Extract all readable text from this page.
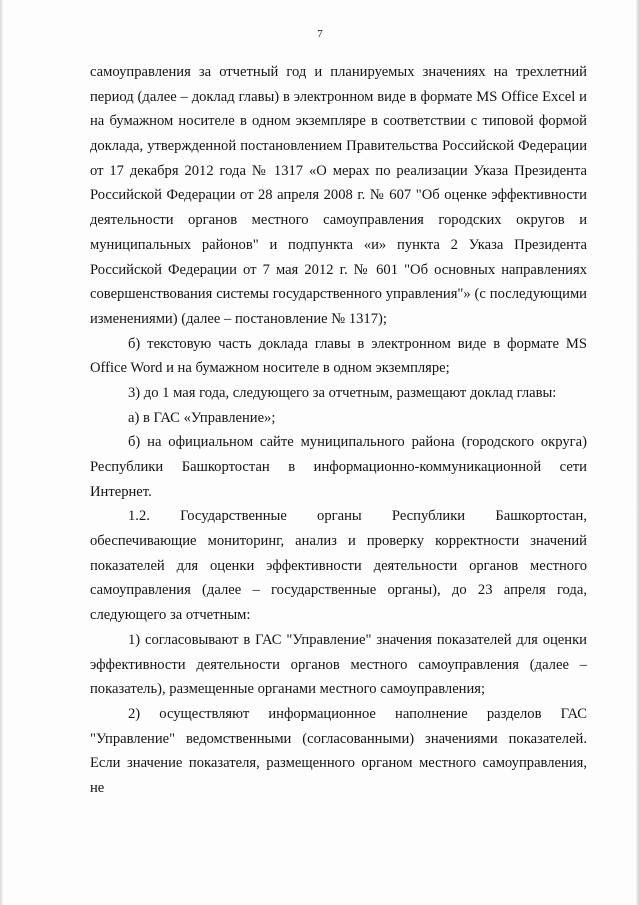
7
самоуправления за отчетный год и планируемых значениях на трехлетний
период (далее – доклад главы) в электронном виде в формате MS Office Excel и
на бумажном носителе в одном экземпляре в соответствии с типовой формой
доклада, утвержденной постановлением Правительства Российской Федерации
от 17 декабря 2012 года № 1317 «О мерах по реализации Указа Президента
Российской Федерации от 28 апреля 2008 г. № 607 "Об оценке эффективности
деятельности органов местного самоуправления городских округов и
муниципальных районов" и подпункта «и» пункта 2 Указа Президента
Российской Федерации от 7 мая 2012 г. № 601 "Об основных направлениях
совершенствования системы государственного управления"» (с последующими
изменениями) (далее – постановление № 1317);
б) текстовую часть доклада главы в электронном виде в формате MS
Office Word и на бумажном носителе в одном экземпляре;
3) до 1 мая года, следующего за отчетным, размещают доклад главы:
а) в ГАС «Управление»;
б) на официальном сайте муниципального района (городского округа)
Республики Башкортостан в информационно-коммуникационной сети
Интернет.
1.2. Государственные органы Республики Башкортостан,
обеспечивающие мониторинг, анализ и проверку корректности значений
показателей для оценки эффективности деятельности органов местного
самоуправления (далее – государственные органы), до 23 апреля года,
следующего за отчетным:
1) согласовывают в ГАС "Управление" значения показателей для оценки
эффективности деятельности органов местного самоуправления (далее –
показатель), размещенные органами местного самоуправления;
2) осуществляют информационное наполнение разделов ГАС
"Управление" ведомственными (согласованными) значениями показателей.
Если значение показателя, размещенного органом местного самоуправления, не
